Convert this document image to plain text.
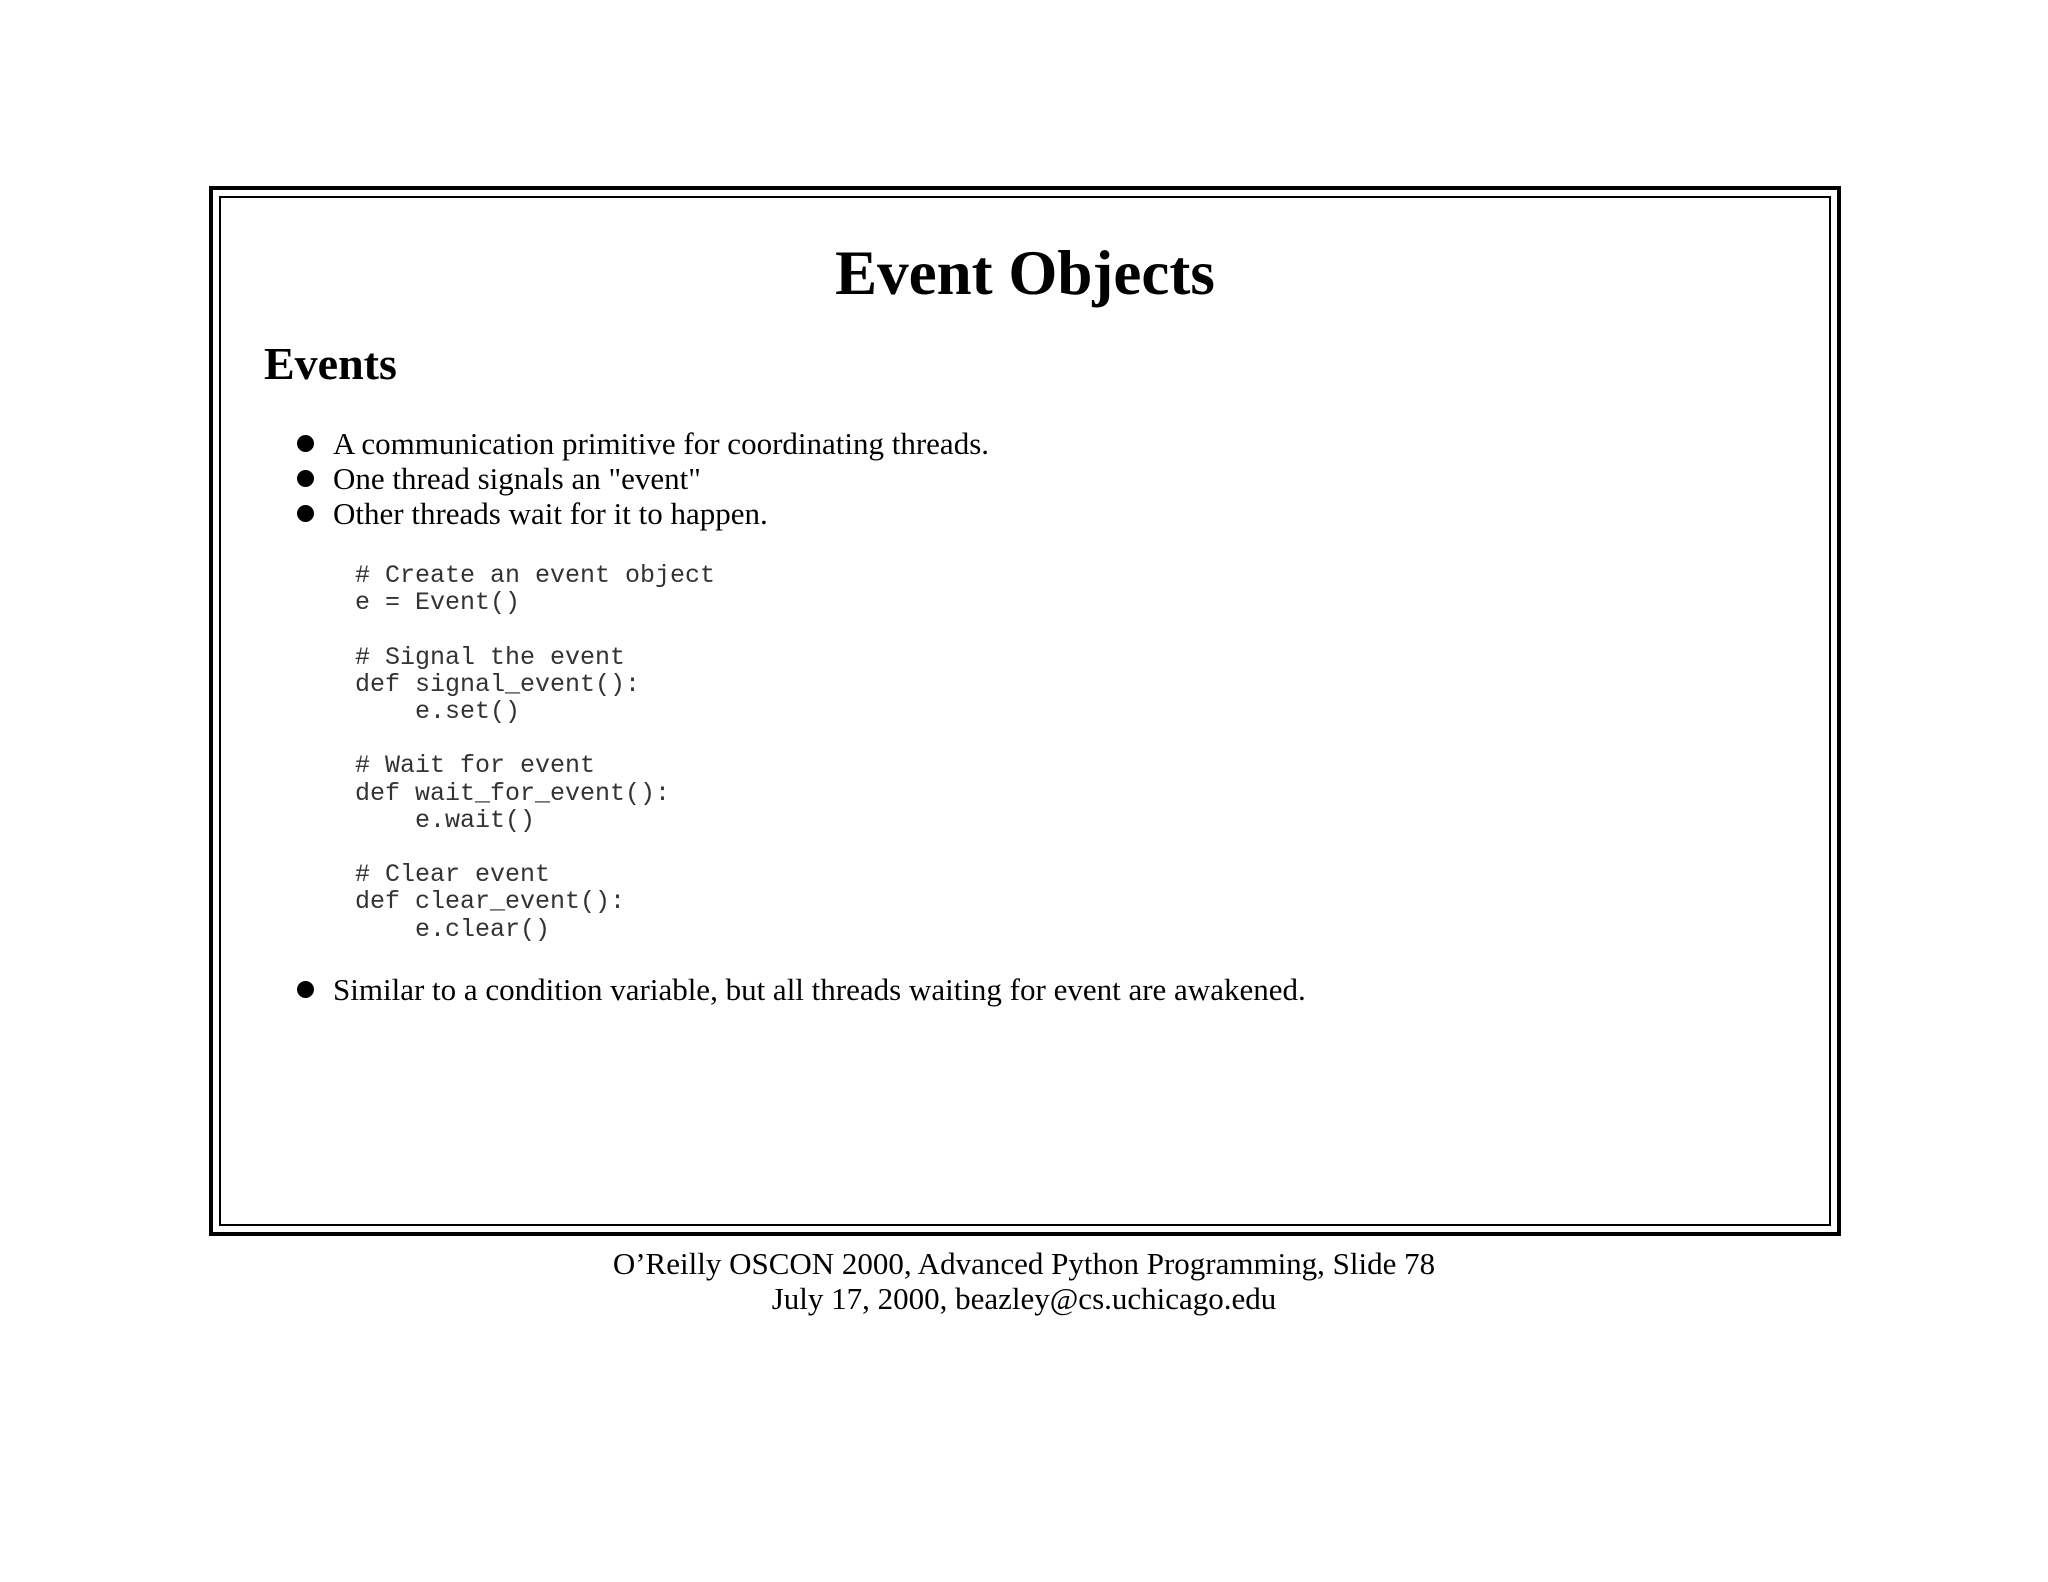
Event Objects
Events
A communication primitive for coordinating threads.
One thread signals an "event"
Other threads wait for it to happen.
# Create an event object
e = Event()
# Signal the event
def signal_event():
e.set()
# Wait for event
def wait_for_event():
e.wait()
# Clear event
def clear_event():
e.clear()
Similar to a condition variable, but all threads waiting for event are awakened.
O’Reilly OSCON 2000, Advanced Python Programming, Slide 78
July 17, 2000, beazley@cs.uchicago.edu
